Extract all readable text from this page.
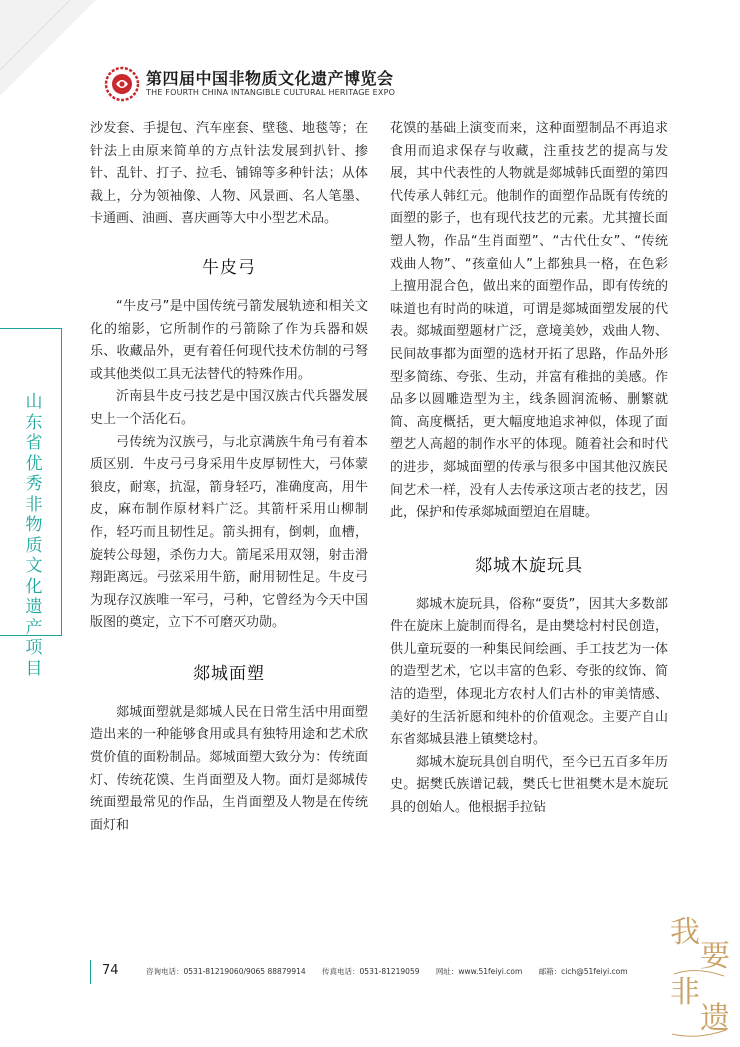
第四届中国非物质文化遗产博览会
THE FOURTH CHINA INTANGIBLE CULTURAL HERITAGE EXPO
山
东
省
优
秀
非
物
质
文
化
遗
产
项
目

沙发套、手提包、汽车座套、壁毯、地毯等；在针法上由原来简单的方点针法发展到扒针、掺针、乱针、打子、拉毛、铺锦等多种针法；从体裁上，分为领袖像、人物、风景画、名人笔墨、卡通画、油画、喜庆画等大中小型艺术品。

牛皮弓

“牛皮弓”是中国传统弓箭发展轨迹和相关文化的缩影，它所制作的弓箭除了作为兵器和娱乐、收藏品外，更有着任何现代技术仿制的弓弩或其他类似工具无法替代的特殊作用。

沂南县牛皮弓技艺是中国汉族古代兵器发展史上一个活化石。

弓传统为汉族弓，与北京满族牛角弓有着本质区别．牛皮弓弓身采用牛皮厚韧性大，弓体蒙狼皮，耐寒，抗湿，箭身轻巧，准确度高，用牛皮，麻布制作原材料广泛。其箭杆采用山柳制作，轻巧而且韧性足。箭头拥有，倒刺，血槽，旋转公母翅，杀伤力大。箭尾采用双翎，射击滑翔距离远。弓弦采用牛筋，耐用韧性足。牛皮弓为现存汉族唯一军弓，弓种，它曾经为今天中国版图的奠定，立下不可磨灭功勋。

郯城面塑

郯城面塑就是郯城人民在日常生活中用面塑造出来的一种能够食用或具有独特用途和艺术欣赏价值的面粉制品。郯城面塑大致分为：传统面灯、传统花馍、生肖面塑及人物。面灯是郯城传统面塑最常见的作品，生肖面塑及人物是在传统面灯和

花馍的基础上演变而来，这种面塑制品不再追求食用而追求保存与收藏，注重技艺的提高与发展，其中代表性的人物就是郯城韩氏面塑的第四代传承人韩红元。他制作的面塑作品既有传统的面塑的影子，也有现代技艺的元素。尤其擅长面塑人物，作品“生肖面塑”、“古代仕女”、“传统戏曲人物”、“孩童仙人”上都独具一格，在色彩上擅用混合色，做出来的面塑作品，即有传统的味道也有时尚的味道，可谓是郯城面塑发展的代表。郯城面塑题材广泛，意境美妙，戏曲人物、民间故事都为面塑的选材开拓了思路，作品外形型多简练、夸张、生动，并富有稚拙的美感。作品多以圆雕造型为主，线条圆润流畅、删繁就简、高度概括，更大幅度地追求神似，体现了面塑艺人高超的制作水平的体现。随着社会和时代的进步，郯城面塑的传承与很多中国其他汉族民间艺术一样，没有人去传承这项古老的技艺，因此，保护和传承郯城面塑迫在眉睫。

郯城木旋玩具

郯城木旋玩具，俗称“耍货”，因其大多数部件在旋床上旋制而得名，是由樊埝村村民创造，供儿童玩耍的一种集民间绘画、手工技艺为一体的造型艺术，它以丰富的色彩、夸张的纹饰、简洁的造型，体现北方农村人们古朴的审美情感、美好的生活祈愿和纯朴的价值观念。主要产自山东省郯城县港上镇樊埝村。

郯城木旋玩具创自明代，至今已五百多年历史。据樊氏族谱记载，樊氏七世祖樊木是木旋玩具的创始人。他根据手拉钻

74	咨询电话：0531-81219060/9065 88879914 传真电话：0531-81219059 网址：www.51feiyi.com 邮箱：cich@51feiyi.com
我
要
非
遗
